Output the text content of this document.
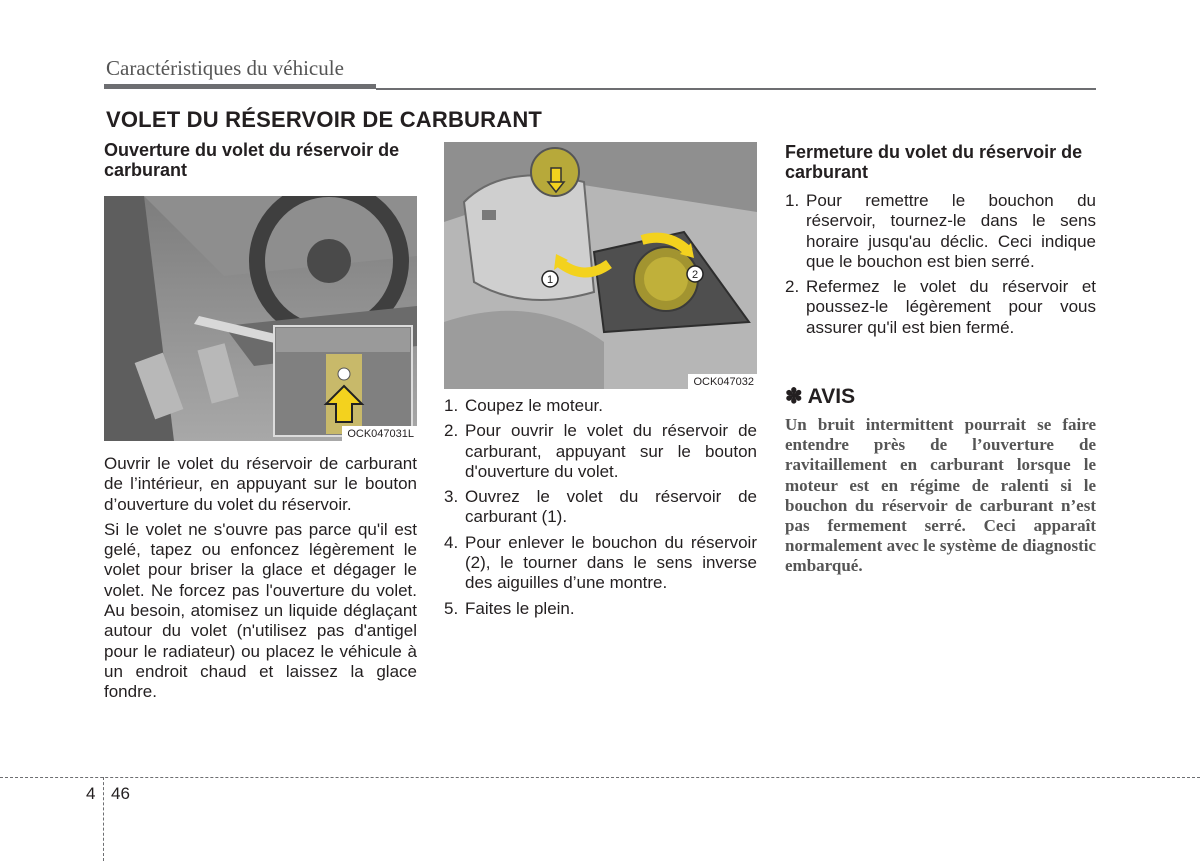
Caractéristiques du véhicule
VOLET DU RÉSERVOIR DE CARBURANT
Ouverture du volet du réservoir de carburant
OCK047031L

Ouvrir le volet du réservoir de carburant de l’intérieur, en appuyant sur le bouton d’ouverture du volet du réservoir.

Si le volet ne s'ouvre pas parce qu'il est gelé, tapez ou enfoncez légèrement le volet pour briser la glace et dégager le volet. Ne forcez pas l'ouverture du volet. Au besoin, atomisez un liquide déglaçant autour du volet (n'utilisez pas d'antigel pour le radiateur) ou placez le véhicule à un endroit chaud et laissez la glace fondre.

1	2
OCK047032
1. Coupez le moteur.
2. Pour ouvrir le volet du réservoir de carburant, appuyant sur le bouton d'ouverture du volet.
3. Ouvrez le volet du réservoir de carburant (1).
4. Pour enlever le bouchon du réservoir (2), le tourner dans le sens inverse des aiguilles d’une montre.
5. Faites le plein.
Fermeture du volet du réservoir de carburant
1. Pour remettre le bouchon du réservoir, tournez-le dans le sens horaire jusqu'au déclic. Ceci indique que le bouchon est bien serré.
2. Refermez le volet du réservoir et poussez-le légèrement pour vous assurer qu'il est bien fermé.
✽ AVIS
Un bruit intermittent pourrait se faire entendre près de l’ouverture de ravitaillement en carburant lorsque le moteur est en régime de ralenti si le bouchon du réservoir de carburant n’est pas fermement serré. Ceci apparaît normalement avec le système de diagnostic embarqué.
4 46
